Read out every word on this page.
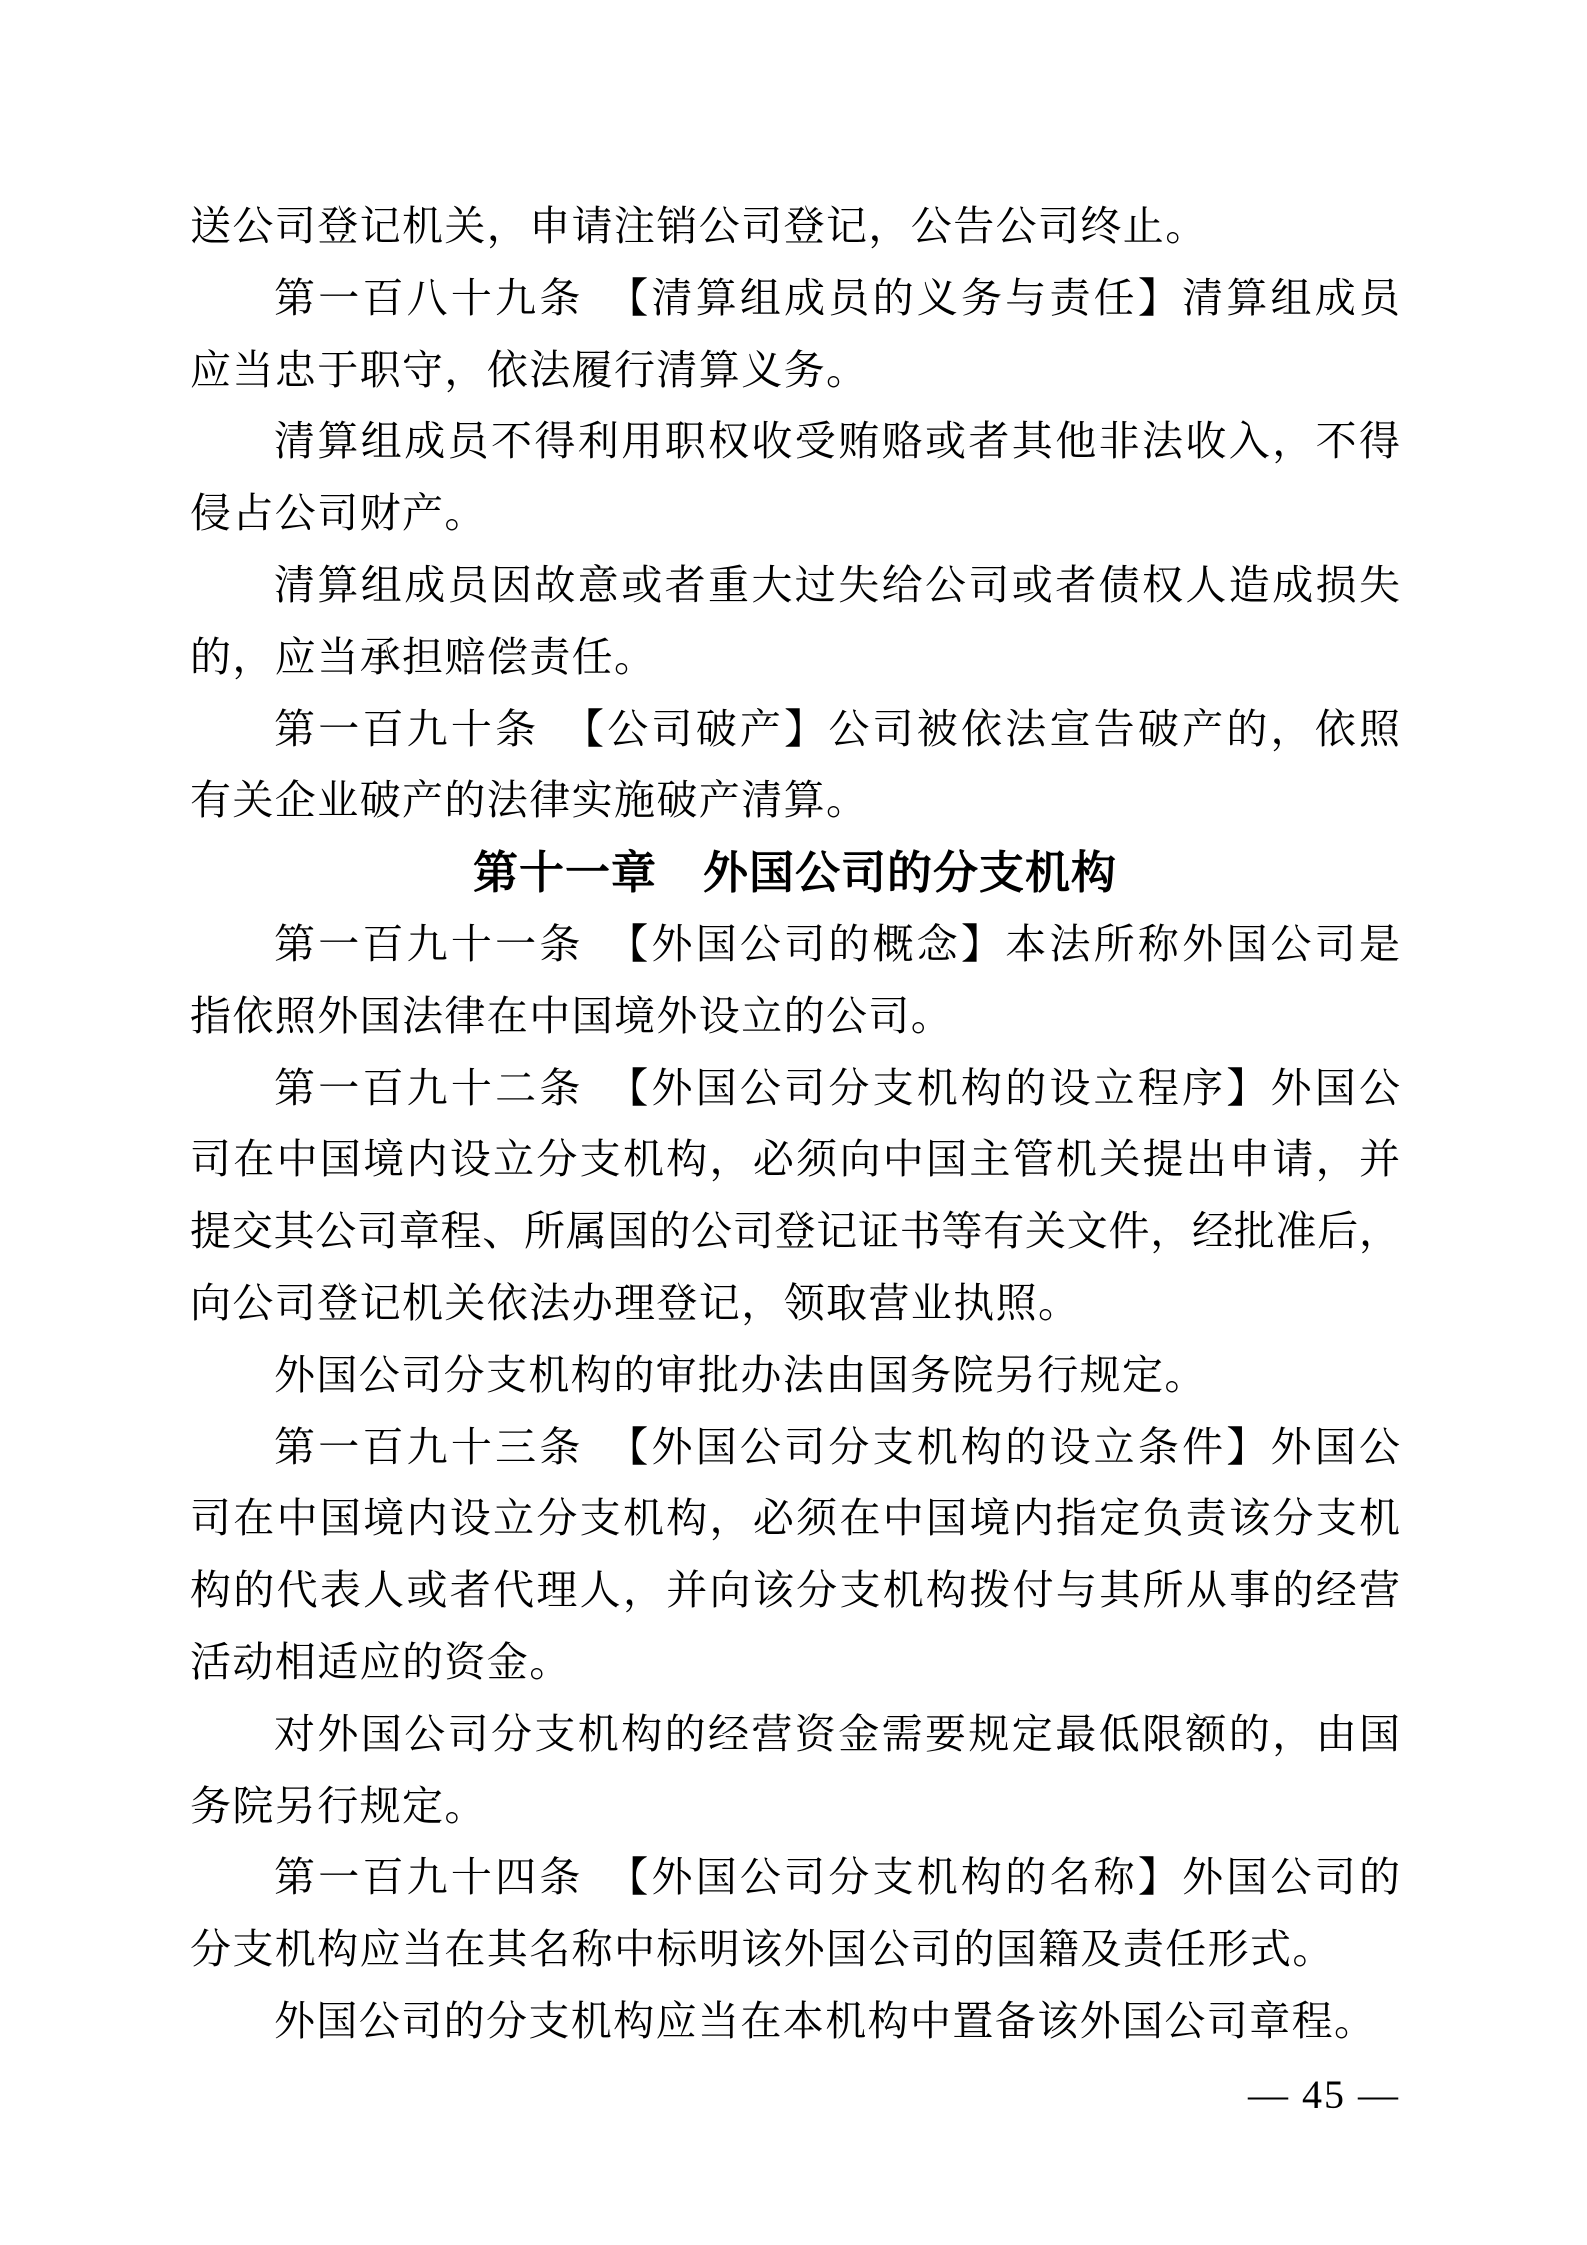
送公司登记机关，申请注销公司登记，公告公司终止。
第一百八十九条　【清算组成员的义务与责任】清算组成员
应当忠于职守，依法履行清算义务。
清算组成员不得利用职权收受贿赂或者其他非法收入，不得
侵占公司财产。
清算组成员因故意或者重大过失给公司或者债权人造成损失
的，应当承担赔偿责任。
第一百九十条　【公司破产】公司被依法宣告破产的，依照
有关企业破产的法律实施破产清算。
第十一章　外国公司的分支机构
第一百九十一条　【外国公司的概念】本法所称外国公司是
指依照外国法律在中国境外设立的公司。
第一百九十二条　【外国公司分支机构的设立程序】外国公
司在中国境内设立分支机构，必须向中国主管机关提出申请，并
提交其公司章程、所属国的公司登记证书等有关文件，经批准后，
向公司登记机关依法办理登记，领取营业执照。
外国公司分支机构的审批办法由国务院另行规定。
第一百九十三条　【外国公司分支机构的设立条件】外国公
司在中国境内设立分支机构，必须在中国境内指定负责该分支机
构的代表人或者代理人，并向该分支机构拨付与其所从事的经营
活动相适应的资金。
对外国公司分支机构的经营资金需要规定最低限额的，由国
务院另行规定。
第一百九十四条　【外国公司分支机构的名称】外国公司的
分支机构应当在其名称中标明该外国公司的国籍及责任形式。
外国公司的分支机构应当在本机构中置备该外国公司章程。
— 45 —
